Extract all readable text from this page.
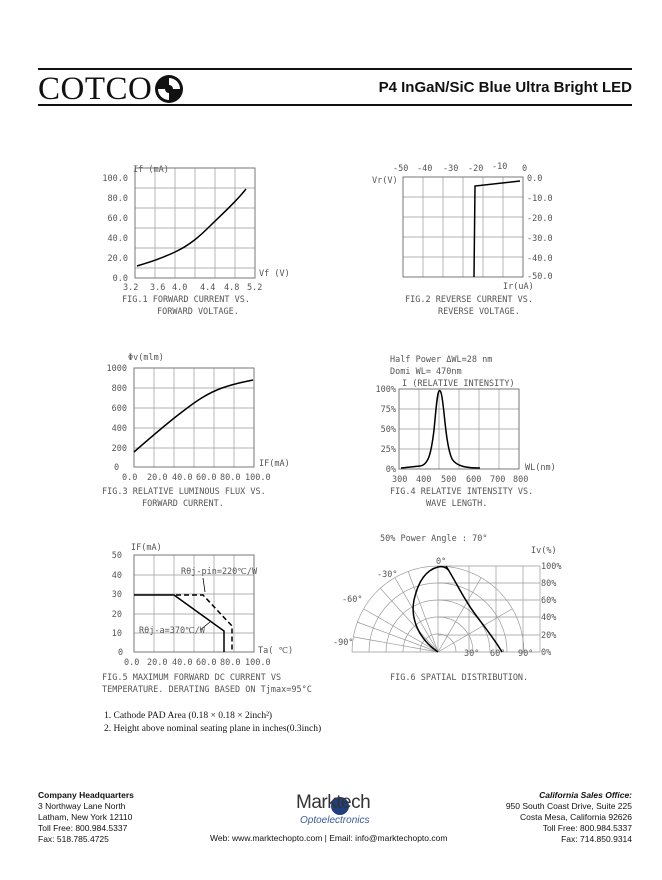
COTCO	P4 InGaN/SiC Blue Ultra Bright LED
If (mA)
100.0
80.0
60.0
40.0
20.0
0.0
3.2 3.6 4.0 4.4 4.8 5.2
Vf (V)
FIG.1 FORWARD CURRENT VS.
FORWARD VOLTAGE.
-50 -40 -30 -20 -10 0
Vr(V)	0.0
-10.0
-20.0
-30.0
-40.0
-50.0
Ir(uA)
FIG.2 REVERSE CURRENT VS.
REVERSE VOLTAGE.
Φv(mlm)
1000
800
600
400
200
0
0.0 20.0 40.0 60.0 80.0 100.0
IF(mA)
FIG.3 RELATIVE LUMINOUS FLUX VS.
FORWARD CURRENT.
Half Power ΔWL=28 nm
Domi WL= 470nm
I (RELATIVE INTENSITY)
100%
75%
50%
25%
0%
300 400 500 600 700 800
WL(nm)
FIG.4 RELATIVE INTENSITY VS.
WAVE LENGTH.
IF(mA)
50
40
30
20
10
0
0.0 20.0 40.0 60.0 80.0 100.0
Ta( ℃)
Rθj-pin=220℃/W
Rθj-a=370℃/W
FIG.5 MAXIMUM FORWARD DC CURRENT VS
TEMPERATURE. DERATING BASED ON Tjmax=95°C
50% Power Angle : 70°
Iv(%)
0°
-30°
-60°
-90°
30° 60° 90°
100%
80%
60%
40%
20%
0%
FIG.6 SPATIAL DISTRIBUTION.
1. Cathode PAD Area (0.18 × 0.18 × 2inch²)
2. Height above nominal seating plane in inches(0.3inch)
Company Headquarters
3 Northway Lane North
Latham, New York 12110
Toll Free: 800.984.5337
Fax: 518.785.4725
Marktech
Optoelectronics
Web: www.marktechopto.com | Email: info@marktechopto.com
California Sales Office:
950 South Coast Drive, Suite 225
Costa Mesa, California 92626
Toll Free: 800.984.5337
Fax: 714.850.9314
